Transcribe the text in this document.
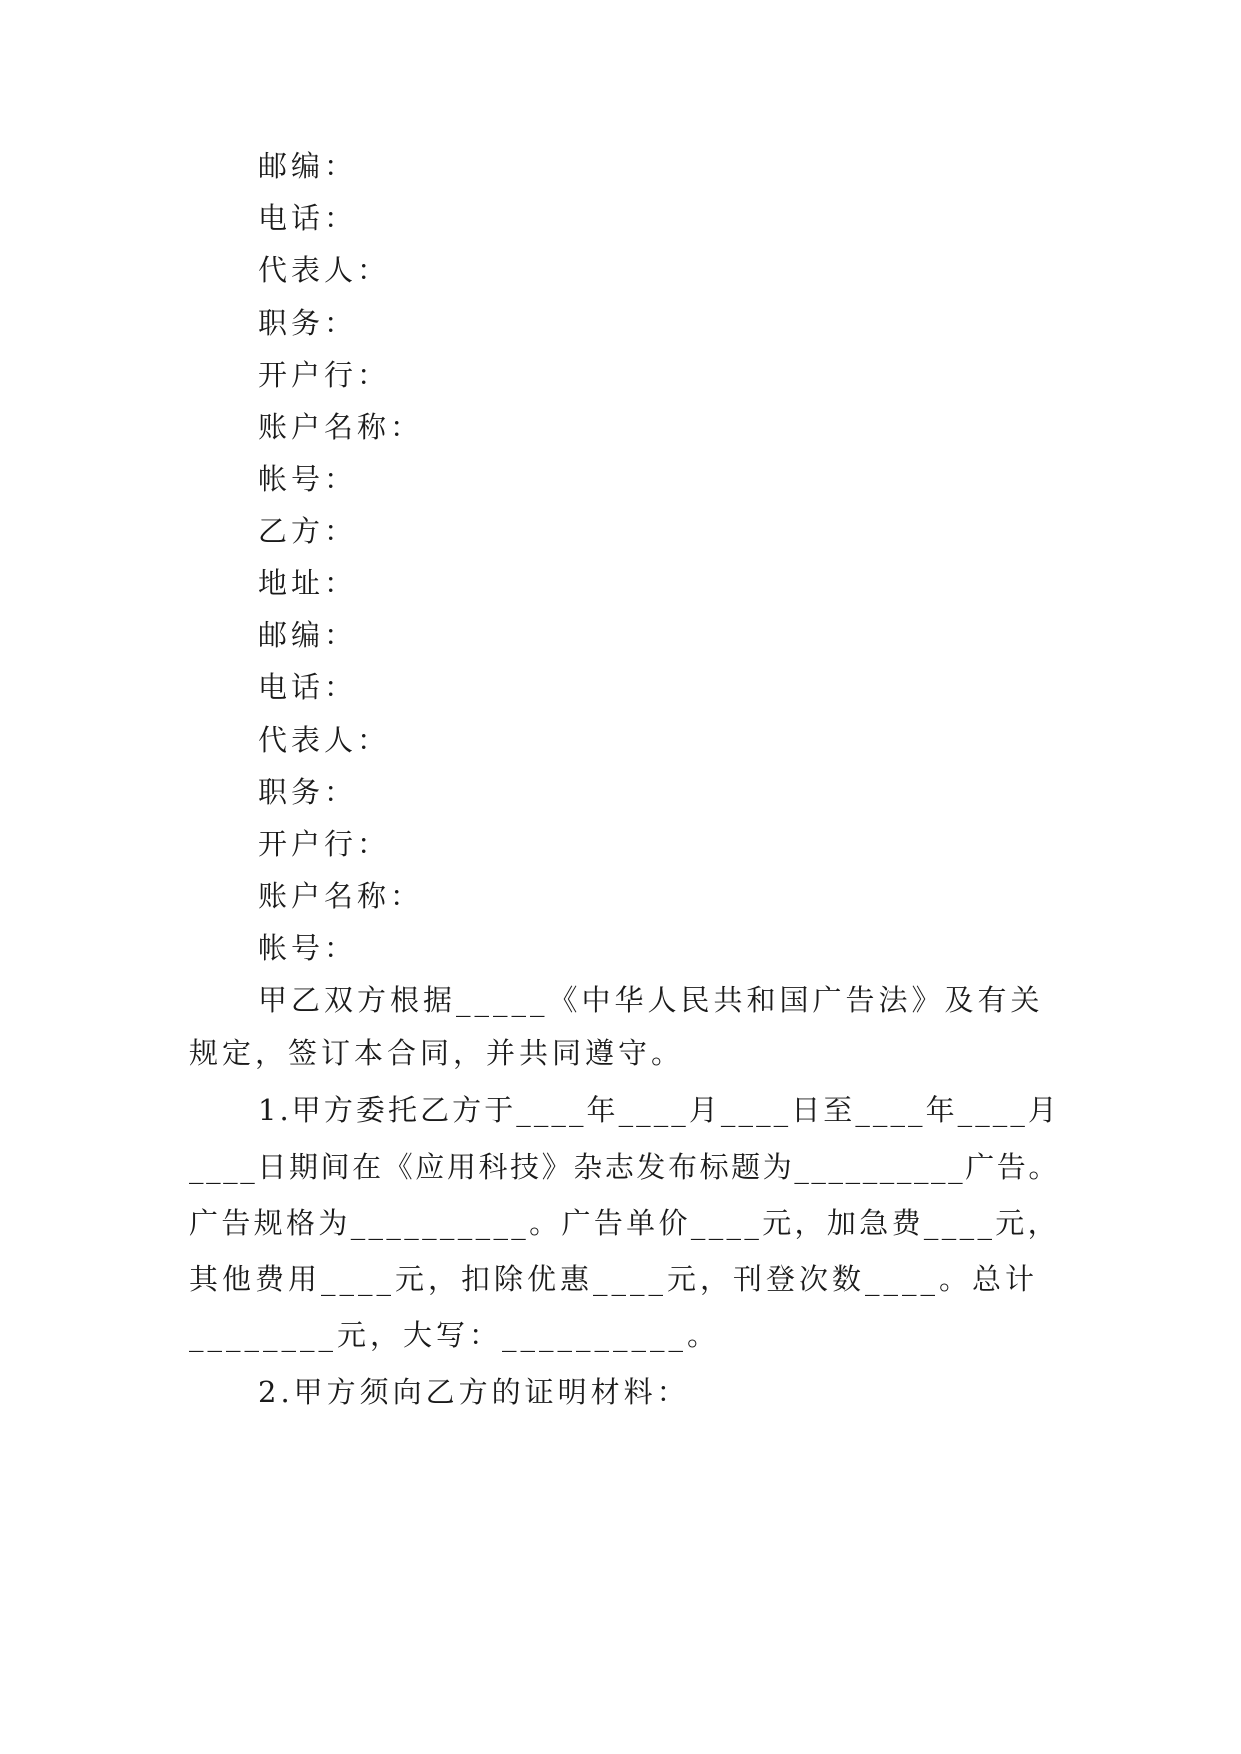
邮编：
电话：
代表人：
职务：
开户行：
账户名称：
帐号：
乙方：
地址：
邮编：
电话：
代表人：
职务：
开户行：
账户名称：
帐号：
甲乙双方根据_____《中华人民共和国广告法》及有关
规定，签订本合同，并共同遵守。
1.甲方委托乙方于____年____月____日至____年____月
____日期间在《应用科技》杂志发布标题为__________广告。
广告规格为__________。广告单价____元，加急费____元，
其他费用____元，扣除优惠____元，刊登次数____。总计
________元，大写：__________。
2.甲方须向乙方的证明材料：
